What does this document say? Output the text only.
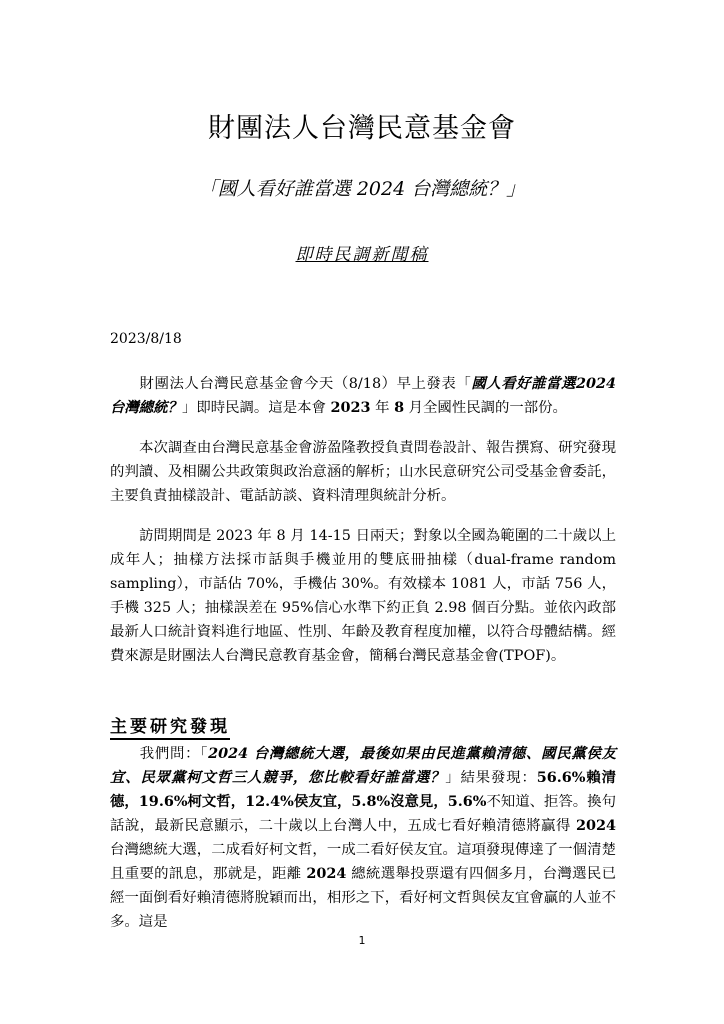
財團法人台灣民意基金會
「國人看好誰當選 2024 台灣總統？」
即時民調新聞稿
2023/8/18

財團法人台灣民意基金會今天（8/18）早上發表「國人看好誰當選2024 台灣總統？」即時民調。這是本會 2023 年 8 月全國性民調的一部份。

本次調查由台灣民意基金會游盈隆教授負責問卷設計、報告撰寫、研究發現的判讀、及相關公共政策與政治意涵的解析；山水民意研究公司受基金會委託，主要負責抽樣設計、電話訪談、資料清理與統計分析。

訪問期間是 2023 年 8 月 14-15 日兩天；對象以全國為範圍的二十歲以上成年人；抽樣方法採市話與手機並用的雙底冊抽樣（dual-frame random sampling），市話佔 70%，手機佔 30%。有效樣本 1081 人，市話 756 人，手機 325 人；抽樣誤差在 95%信心水準下約正負 2.98 個百分點。並依內政部最新人口統計資料進行地區、性別、年齡及教育程度加權，以符合母體結構。經費來源是財團法人台灣民意教育基金會，簡稱台灣民意基金會(TPOF)。

主要研究發現

我們問：「2024 台灣總統大選，最後如果由民進黨賴清德、國民黨侯友宜、民眾黨柯文哲三人競爭，您比較看好誰當選？」結果發現：56.6%賴清德，19.6%柯文哲，12.4%侯友宜，5.8%沒意見，5.6%不知道、拒答。換句話說，最新民意顯示，二十歲以上台灣人中，五成七看好賴清德將贏得 2024 台灣總統大選，二成看好柯文哲，一成二看好侯友宜。這項發現傳達了一個清楚且重要的訊息，那就是，距離 2024 總統選舉投票還有四個多月，台灣選民已經一面倒看好賴清德將脫穎而出，相形之下，看好柯文哲與侯友宜會贏的人並不多。這是

1
